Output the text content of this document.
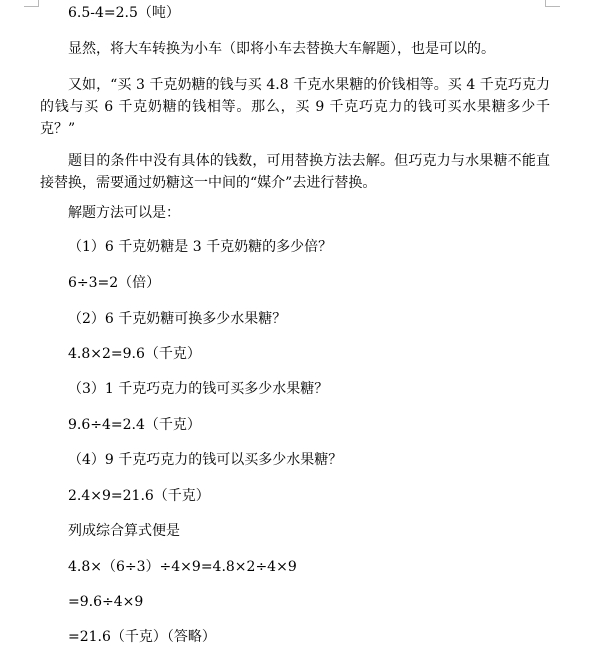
6.5-4=2.5（吨）

显然，将大车转换为小车（即将小车去替换大车解题），也是可以的。

又如，“买 3 千克奶糖的钱与买 4.8 千克水果糖的价钱相等。买 4 千克巧克力的钱与买 6 千克奶糖的钱相等。那么，买 9 千克巧克力的钱可买水果糖多少千克？”

题目的条件中没有具体的钱数，可用替换方法去解。但巧克力与水果糖不能直接替换，需要通过奶糖这一中间的“媒介”去进行替换。

解题方法可以是：

（1）6 千克奶糖是 3 千克奶糖的多少倍？

6÷3=2（倍）

（2）6 千克奶糖可换多少水果糖？

4.8×2=9.6（千克）

（3）1 千克巧克力的钱可买多少水果糖？

9.6÷4=2.4（千克）

（4）9 千克巧克力的钱可以买多少水果糖？

2.4×9=21.6（千克）

列成综合算式便是

4.8×（6÷3）÷4×9=4.8×2÷4×9

=9.6÷4×9

=21.6（千克）（答略）
